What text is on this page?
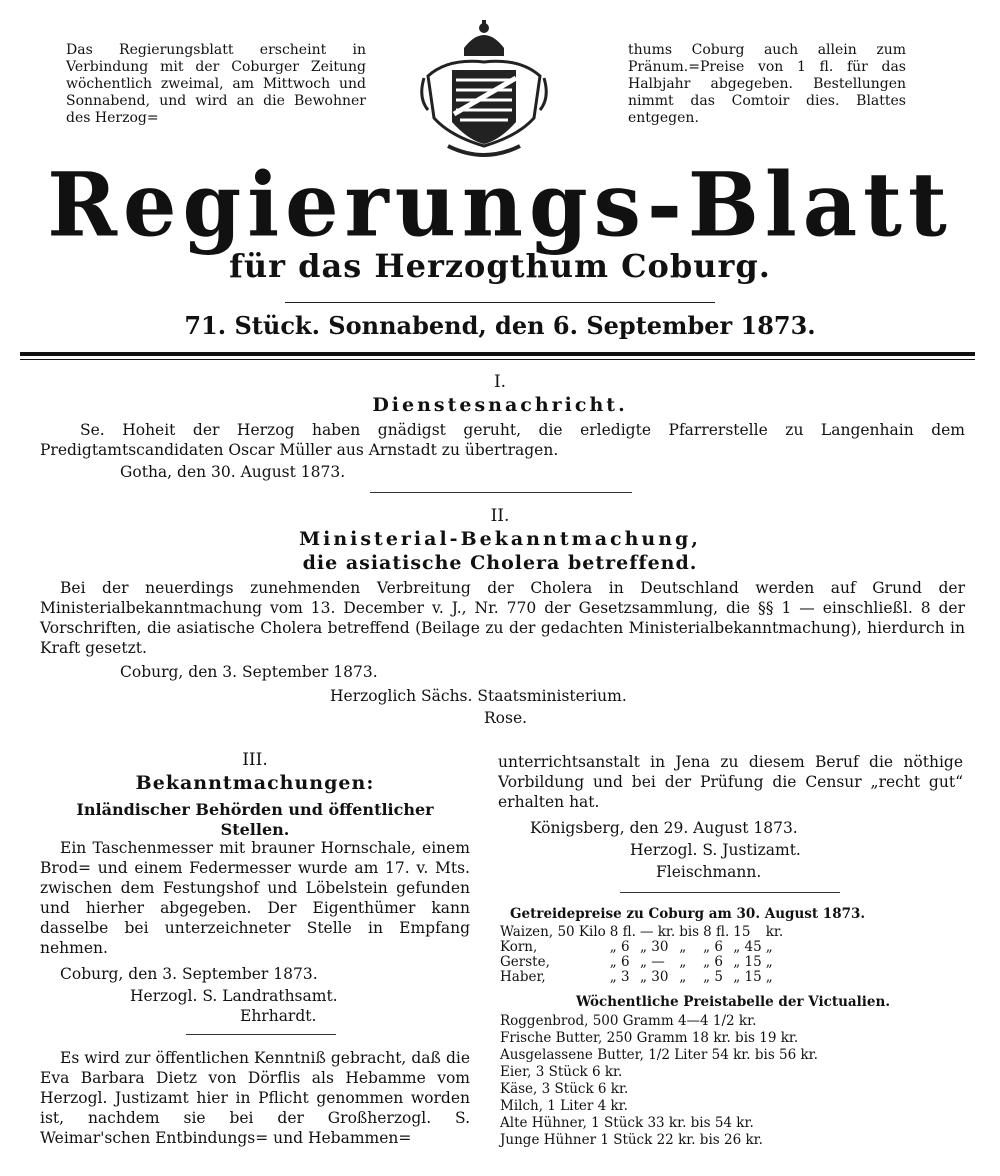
Das Regierungsblatt erscheint in Verbindung mit der Coburger Zeitung wöchentlich zweimal, am Mittwoch und Sonnabend, und wird an die Bewohner des Herzog=
thums Coburg auch allein zum Pränum.=Preise von 1 fl. für das Halbjahr abgegeben. Bestellungen nimmt das Comtoir dies. Blattes entgegen.
Regierungs-Blatt
für das Herzogthum Coburg.
71. Stück. Sonnabend, den 6. September 1873.
I.
Dienstesnachricht.
Se. Hoheit der Herzog haben gnädigst geruht, die erledigte Pfarrerstelle zu Langenhain dem Predigtamtscandidaten Oscar Müller aus Arnstadt zu übertragen.
Gotha, den 30. August 1873.
II.
Ministerial-Bekanntmachung,
die asiatische Cholera betreffend.
Bei der neuerdings zunehmenden Verbreitung der Cholera in Deutschland werden auf Grund der Ministerialbekanntmachung vom 13. December v. J., Nr. 770 der Gesetzsammlung, die §§ 1 — einschließl. 8 der Vorschriften, die asiatische Cholera betreffend (Beilage zu der gedachten Ministerialbekanntmachung), hierdurch in Kraft gesetzt.
Coburg, den 3. September 1873.
Herzoglich Sächs. Staatsministerium.
Rose.
III.
Bekanntmachungen:
Inländischer Behörden und öffentlicher Stellen.
Ein Taschenmesser mit brauner Hornschale, einem Brod= und einem Federmesser wurde am 17. v. Mts. zwischen dem Festungshof und Löbelstein gefunden und hierher abgegeben. Der Eigenthümer kann dasselbe bei unterzeichneter Stelle in Empfang nehmen.
Coburg, den 3. September 1873.
Herzogl. S. Landrathsamt.
Ehrhardt.
Es wird zur öffentlichen Kenntniß gebracht, daß die Eva Barbara Dietz von Dörflis als Hebamme vom Herzogl. Justizamt hier in Pflicht genommen worden ist, nachdem sie bei der Großherzogl. S. Weimar'schen Entbindungs= und Hebammen=
unterrichtsanstalt in Jena zu diesem Beruf die nöthige Vorbildung und bei der Prüfung die Censur „recht gut“ erhalten hat.
Königsberg, den 29. August 1873.
Herzogl. S. Justizamt.
Fleischmann.
Getreidepreise zu Coburg am 30. August 1873.
Waizen, 50 Kilo	8 fl.	— kr.	bis	8 fl.	15	kr.
Korn,	„ 6	„ 30	„	„ 6	„ 45	„
Gerste,	„ 6	„ —	„	„ 6	„ 15	„
Haber,	„ 3	„ 30	„	„ 5	„ 15	„
Wöchentliche Preistabelle der Victualien.
Roggenbrod, 500 Gramm 4—4 1/2 kr.
Frische Butter, 250 Gramm 18 kr. bis 19 kr.
Ausgelassene Butter, 1/2 Liter 54 kr. bis 56 kr.
Eier, 3 Stück 6 kr.
Käse, 3 Stück 6 kr.
Milch, 1 Liter 4 kr.
Alte Hühner, 1 Stück 33 kr. bis 54 kr.
Junge Hühner 1 Stück 22 kr. bis 26 kr.
